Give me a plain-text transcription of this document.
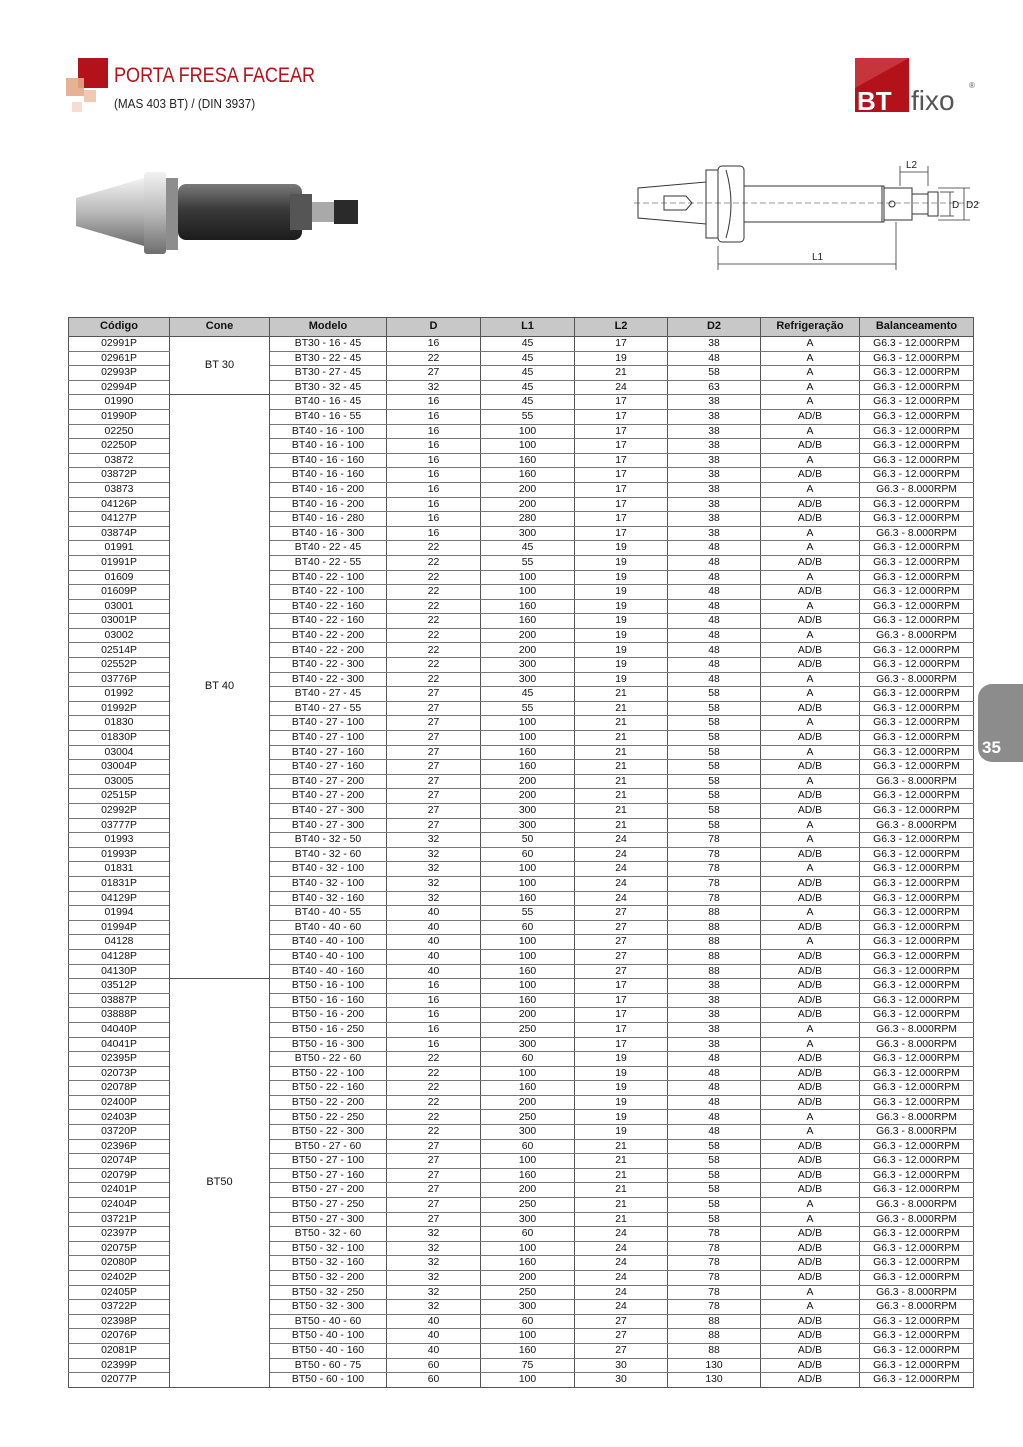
PORTA FRESA FACEAR
(MAS 403 BT) / (DIN 3937)	BT fixo ®
L1
L2
D D2
Código	Cone	Modelo	D	L1	L2	D2	Refrigeração	Balanceamento
02991P	BT 30	BT30 - 16 - 45	16	45	17	38	A	G6.3 - 12.000RPM
02961P		BT30 - 22 - 45	22	45	19	48	A	G6.3 - 12.000RPM
02993P		BT30 - 27 - 45	27	45	21	58	A	G6.3 - 12.000RPM
02994P		BT30 - 32 - 45	32	45	24	63	A	G6.3 - 12.000RPM
01990	BT 40	BT40 - 16 - 45	16	45	17	38	A	G6.3 - 12.000RPM
01990P		BT40 - 16 - 55	16	55	17	38	AD/B	G6.3 - 12.000RPM
02250		BT40 - 16 - 100	16	100	17	38	A	G6.3 - 12.000RPM
02250P		BT40 - 16 - 100	16	100	17	38	AD/B	G6.3 - 12.000RPM
03872		BT40 - 16 - 160	16	160	17	38	A	G6.3 - 12.000RPM
03872P		BT40 - 16 - 160	16	160	17	38	AD/B	G6.3 - 12.000RPM
03873		BT40 - 16 - 200	16	200	17	38	A	G6.3 - 8.000RPM
04126P		BT40 - 16 - 200	16	200	17	38	AD/B	G6.3 - 12.000RPM
04127P		BT40 - 16 - 280	16	280	17	38	AD/B	G6.3 - 12.000RPM
03874P		BT40 - 16 - 300	16	300	17	38	A	G6.3 - 8.000RPM
01991		BT40 - 22 - 45	22	45	19	48	A	G6.3 - 12.000RPM
01991P		BT40 - 22 - 55	22	55	19	48	AD/B	G6.3 - 12.000RPM
01609		BT40 - 22 - 100	22	100	19	48	A	G6.3 - 12.000RPM
01609P		BT40 - 22 - 100	22	100	19	48	AD/B	G6.3 - 12.000RPM
03001		BT40 - 22 - 160	22	160	19	48	A	G6.3 - 12.000RPM
03001P		BT40 - 22 - 160	22	160	19	48	AD/B	G6.3 - 12.000RPM
03002		BT40 - 22 - 200	22	200	19	48	A	G6.3 - 8.000RPM
02514P		BT40 - 22 - 200	22	200	19	48	AD/B	G6.3 - 12.000RPM
02552P		BT40 - 22 - 300	22	300	19	48	AD/B	G6.3 - 12.000RPM
03776P		BT40 - 22 - 300	22	300	19	48	A	G6.3 - 8.000RPM
01992		BT40 - 27 - 45	27	45	21	58	A	G6.3 - 12.000RPM
01992P		BT40 - 27 - 55	27	55	21	58	AD/B	G6.3 - 12.000RPM
01830		BT40 - 27 - 100	27	100	21	58	A	G6.3 - 12.000RPM
01830P		BT40 - 27 - 100	27	100	21	58	AD/B	G6.3 - 12.000RPM
03004		BT40 - 27 - 160	27	160	21	58	A	G6.3 - 12.000RPM
03004P		BT40 - 27 - 160	27	160	21	58	AD/B	G6.3 - 12.000RPM
03005		BT40 - 27 - 200	27	200	21	58	A	G6.3 - 8.000RPM
02515P		BT40 - 27 - 200	27	200	21	58	AD/B	G6.3 - 12.000RPM
02992P		BT40 - 27 - 300	27	300	21	58	AD/B	G6.3 - 12.000RPM
03777P		BT40 - 27 - 300	27	300	21	58	A	G6.3 - 8.000RPM
01993		BT40 - 32 - 50	32	50	24	78	A	G6.3 - 12.000RPM
01993P		BT40 - 32 - 60	32	60	24	78	AD/B	G6.3 - 12.000RPM
01831		BT40 - 32 - 100	32	100	24	78	A	G6.3 - 12.000RPM
01831P		BT40 - 32 - 100	32	100	24	78	AD/B	G6.3 - 12.000RPM
04129P		BT40 - 32 - 160	32	160	24	78	AD/B	G6.3 - 12.000RPM
01994		BT40 - 40 - 55	40	55	27	88	A	G6.3 - 12.000RPM
01994P		BT40 - 40 - 60	40	60	27	88	AD/B	G6.3 - 12.000RPM
04128		BT40 - 40 - 100	40	100	27	88	A	G6.3 - 12.000RPM
04128P		BT40 - 40 - 100	40	100	27	88	AD/B	G6.3 - 12.000RPM
04130P		BT40 - 40 - 160	40	160	27	88	AD/B	G6.3 - 12.000RPM
03512P	BT50	BT50 - 16 - 100	16	100	17	38	AD/B	G6.3 - 12.000RPM
03887P		BT50 - 16 - 160	16	160	17	38	AD/B	G6.3 - 12.000RPM
03888P		BT50 - 16 - 200	16	200	17	38	AD/B	G6.3 - 12.000RPM
04040P		BT50 - 16 - 250	16	250	17	38	A	G6.3 - 8.000RPM
04041P		BT50 - 16 - 300	16	300	17	38	A	G6.3 - 8.000RPM
02395P		BT50 - 22 - 60	22	60	19	48	AD/B	G6.3 - 12.000RPM
02073P		BT50 - 22 - 100	22	100	19	48	AD/B	G6.3 - 12.000RPM
02078P		BT50 - 22 - 160	22	160	19	48	AD/B	G6.3 - 12.000RPM
02400P		BT50 - 22 - 200	22	200	19	48	AD/B	G6.3 - 12.000RPM
02403P		BT50 - 22 - 250	22	250	19	48	A	G6.3 - 8.000RPM
03720P		BT50 - 22 - 300	22	300	19	48	A	G6.3 - 8.000RPM
02396P		BT50 - 27 - 60	27	60	21	58	AD/B	G6.3 - 12.000RPM
02074P		BT50 - 27 - 100	27	100	21	58	AD/B	G6.3 - 12.000RPM
02079P		BT50 - 27 - 160	27	160	21	58	AD/B	G6.3 - 12.000RPM
02401P		BT50 - 27 - 200	27	200	21	58	AD/B	G6.3 - 12.000RPM
02404P		BT50 - 27 - 250	27	250	21	58	A	G6.3 - 8.000RPM
03721P		BT50 - 27 - 300	27	300	21	58	A	G6.3 - 8.000RPM
02397P		BT50 - 32 - 60	32	60	24	78	AD/B	G6.3 - 12.000RPM
02075P		BT50 - 32 - 100	32	100	24	78	AD/B	G6.3 - 12.000RPM
02080P		BT50 - 32 - 160	32	160	24	78	AD/B	G6.3 - 12.000RPM
02402P		BT50 - 32 - 200	32	200	24	78	AD/B	G6.3 - 12.000RPM
02405P		BT50 - 32 - 250	32	250	24	78	A	G6.3 - 8.000RPM
03722P		BT50 - 32 - 300	32	300	24	78	A	G6.3 - 8.000RPM
02398P		BT50 - 40 - 60	40	60	27	88	AD/B	G6.3 - 12.000RPM
02076P		BT50 - 40 - 100	40	100	27	88	AD/B	G6.3 - 12.000RPM
02081P		BT50 - 40 - 160	40	160	27	88	AD/B	G6.3 - 12.000RPM
02399P		BT50 - 60 - 75	60	75	30	130	AD/B	G6.3 - 12.000RPM
02077P		BT50 - 60 - 100	60	100	30	130	AD/B	G6.3 - 12.000RPM
35
